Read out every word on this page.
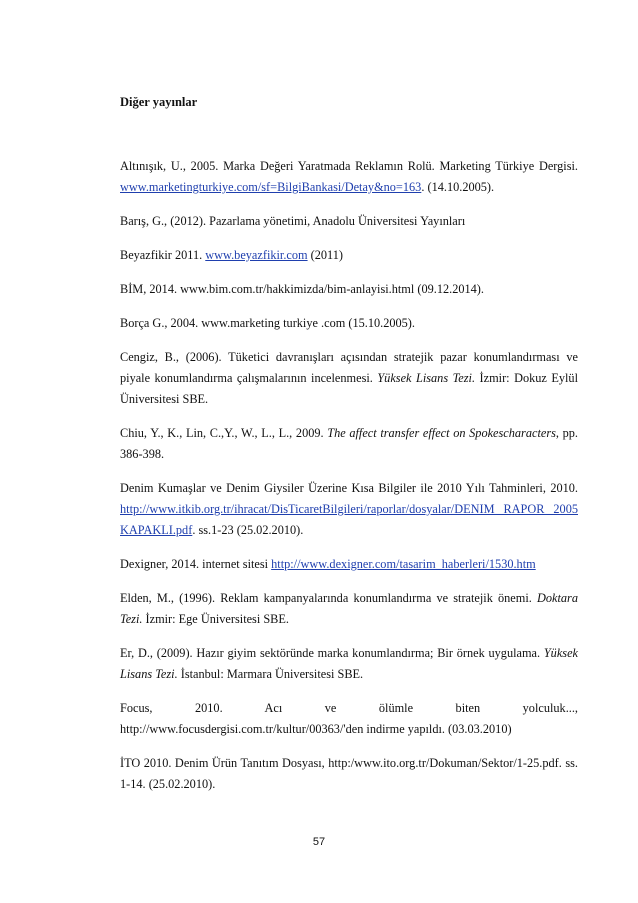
Diğer yayınlar

Altınışık, U., 2005. Marka Değeri Yaratmada Reklamın Rolü. Marketing Türkiye Dergisi. www.marketingturkiye.com/sf=BilgiBankasi/Detay&no=163. (14.10.2005).

Barış, G., (2012). Pazarlama yönetimi, Anadolu Üniversitesi Yayınları

Beyazfikir 2011. www.beyazfikir.com (2011)

BİM, 2014. www.bim.com.tr/hakkimizda/bim-anlayisi.html (09.12.2014).

Borça G., 2004. www.marketing turkiye .com (15.10.2005).

Cengiz, B., (2006). Tüketici davranışları açısından stratejik pazar konumlandırması ve piyale konumlandırma çalışmalarının incelenmesi. Yüksek Lisans Tezi. İzmir: Dokuz Eylül Üniversitesi SBE.

Chiu, Y., K., Lin, C.,Y., W., L., L., 2009. The affect transfer effect on Spokescharacters, pp. 386-398.

Denim Kumaşlar ve Denim Giysiler Üzerine Kısa Bilgiler ile 2010 Yılı Tahminleri, 2010. http://www.itkib.org.tr/ihracat/DisTicaretBilgileri/raporlar/dosyalar/DENIM RAPOR 2005 KAPAKLI.pdf. ss.1-23 (25.02.2010).

Dexigner, 2014. internet sitesi http://www.dexigner.com/tasarim_haberleri/1530.htm

Elden, M., (1996). Reklam kampanyalarında konumlandırma ve stratejik önemi. Doktara Tezi. İzmir: Ege Üniversitesi SBE.

Er, D., (2009). Hazır giyim sektöründe marka konumlandırma; Bir örnek uygulama. Yüksek Lisans Tezi. İstanbul: Marmara Üniversitesi SBE.

Focus, 2010. Acı ve ölümle biten yolculuk..., http://www.focusdergisi.com.tr/kultur/00363/'den indirme yapıldı. (03.03.2010)

İTO 2010. Denim Ürün Tanıtım Dosyası, http:/www.ito.org.tr/Dokuman/Sektor/1-25.pdf. ss. 1-14. (25.02.2010).

57
